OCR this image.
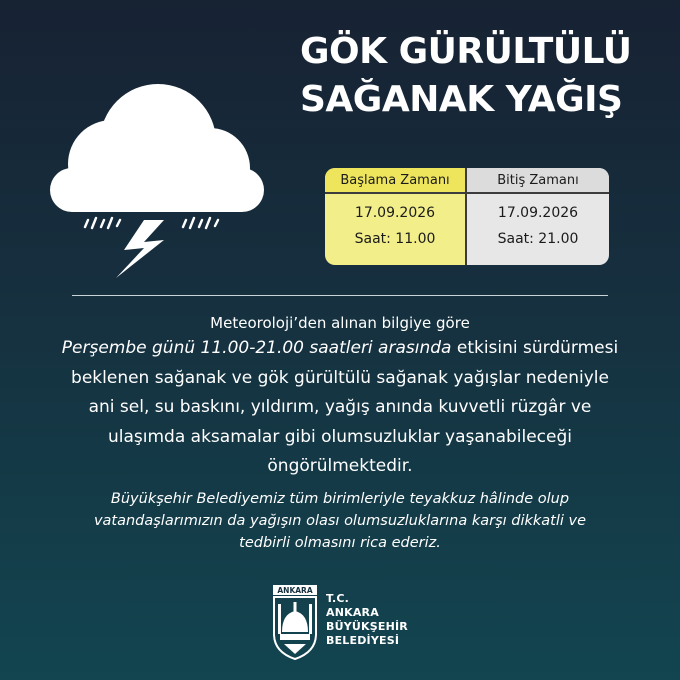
GÖK GÜRÜLTÜLÜ
SAĞANAK YAĞIŞ
Başlama Zamanı
17.09.2026
Saat: 11.00
Bitiş Zamanı
17.09.2026
Saat: 21.00

Meteoroloji’den alınan bilgiye göre

Perşembe günü 11.00-21.00 saatleri arasında etkisini sürdürmesi beklenen sağanak ve gök gürültülü sağanak yağışlar nedeniyle ani sel, su baskını, yıldırım, yağış anında kuvvetli rüzgâr ve ulaşımda aksamalar gibi olumsuzluklar yaşanabileceği öngörülmektedir.

Büyükşehir Belediyemiz tüm birimleriyle teyakkuz hâlinde olup vatandaşlarımızın da yağışın olası olumsuzluklarına karşı dikkatli ve tedbirli olmasını rica ederiz.

ANKARA
T.C.
ANKARA
BÜYÜKŞEHİR
BELEDİYESİ
